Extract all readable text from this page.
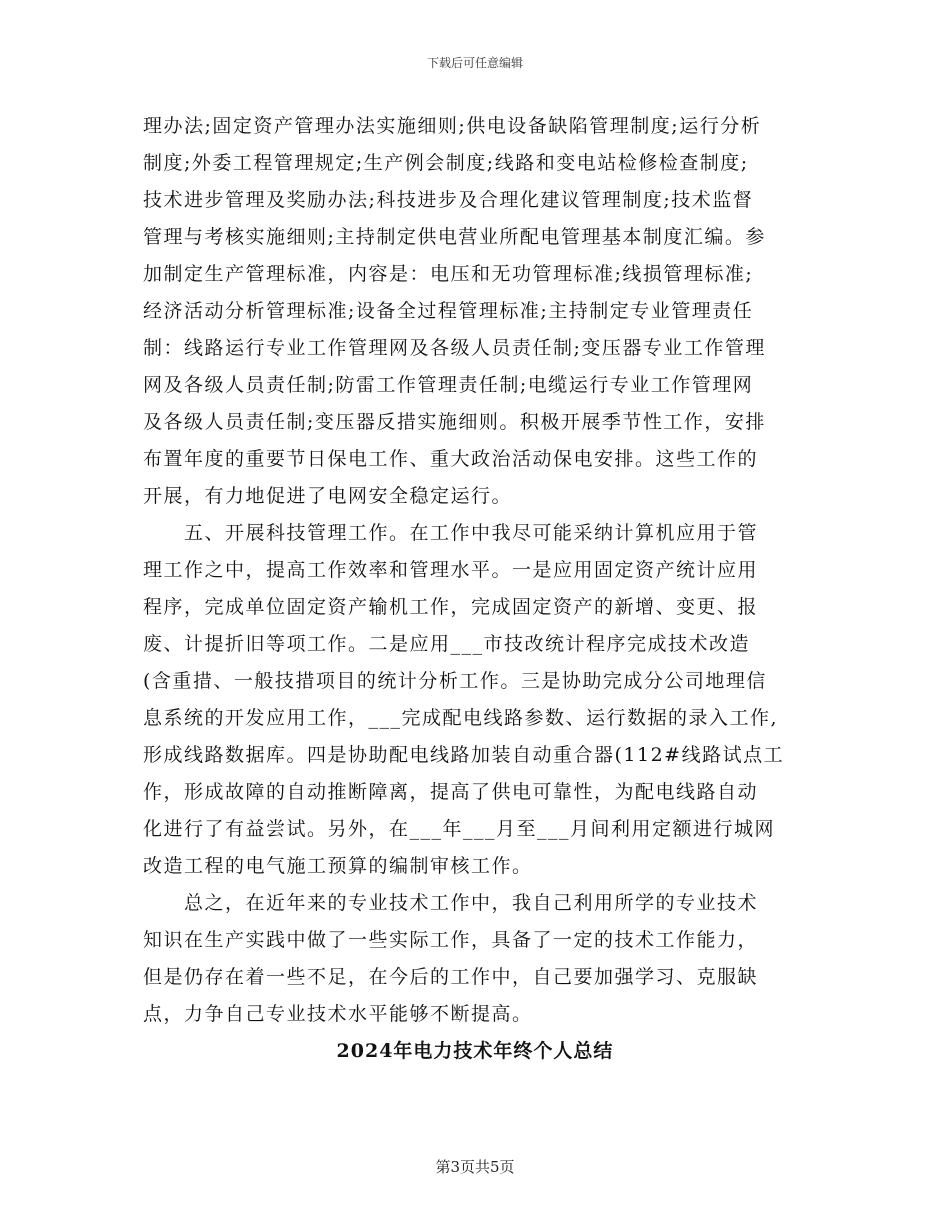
下载后可任意编辑
理办法;固定资产管理办法实施细则;供电设备缺陷管理制度;运行分析
制度;外委工程管理规定;生产例会制度;线路和变电站检修检查制度;
技术进步管理及奖励办法;科技进步及合理化建议管理制度;技术监督
管理与考核实施细则;主持制定供电营业所配电管理基本制度汇编。参
加制定生产管理标准，内容是：电压和无功管理标准;线损管理标准;
经济活动分析管理标准;设备全过程管理标准;主持制定专业管理责任
制：线路运行专业工作管理网及各级人员责任制;变压器专业工作管理
网及各级人员责任制;防雷工作管理责任制;电缆运行专业工作管理网
及各级人员责任制;变压器反措实施细则。积极开展季节性工作，安排
布置年度的重要节日保电工作、重大政治活动保电安排。这些工作的
开展，有力地促进了电网安全稳定运行。
　　五、开展科技管理工作。在工作中我尽可能采纳计算机应用于管
理工作之中，提高工作效率和管理水平。一是应用固定资产统计应用
程序，完成单位固定资产输机工作，完成固定资产的新增、变更、报
废、计提折旧等项工作。二是应用___市技改统计程序完成技术改造
(含重措、一般技措项目的统计分析工作。三是协助完成分公司地理信
息系统的开发应用工作，___完成配电线路参数、运行数据的录入工作,
形成线路数据库。四是协助配电线路加装自动重合器(112#线路试点工
作，形成故障的自动推断障离，提高了供电可靠性，为配电线路自动
化进行了有益尝试。另外，在___年___月至___月间利用定额进行城网
改造工程的电气施工预算的编制审核工作。
　　总之，在近年来的专业技术工作中，我自己利用所学的专业技术
知识在生产实践中做了一些实际工作，具备了一定的技术工作能力，
但是仍存在着一些不足，在今后的工作中，自己要加强学习、克服缺
点，力争自己专业技术水平能够不断提高。
2024年电力技术年终个人总结
第3页共5页
